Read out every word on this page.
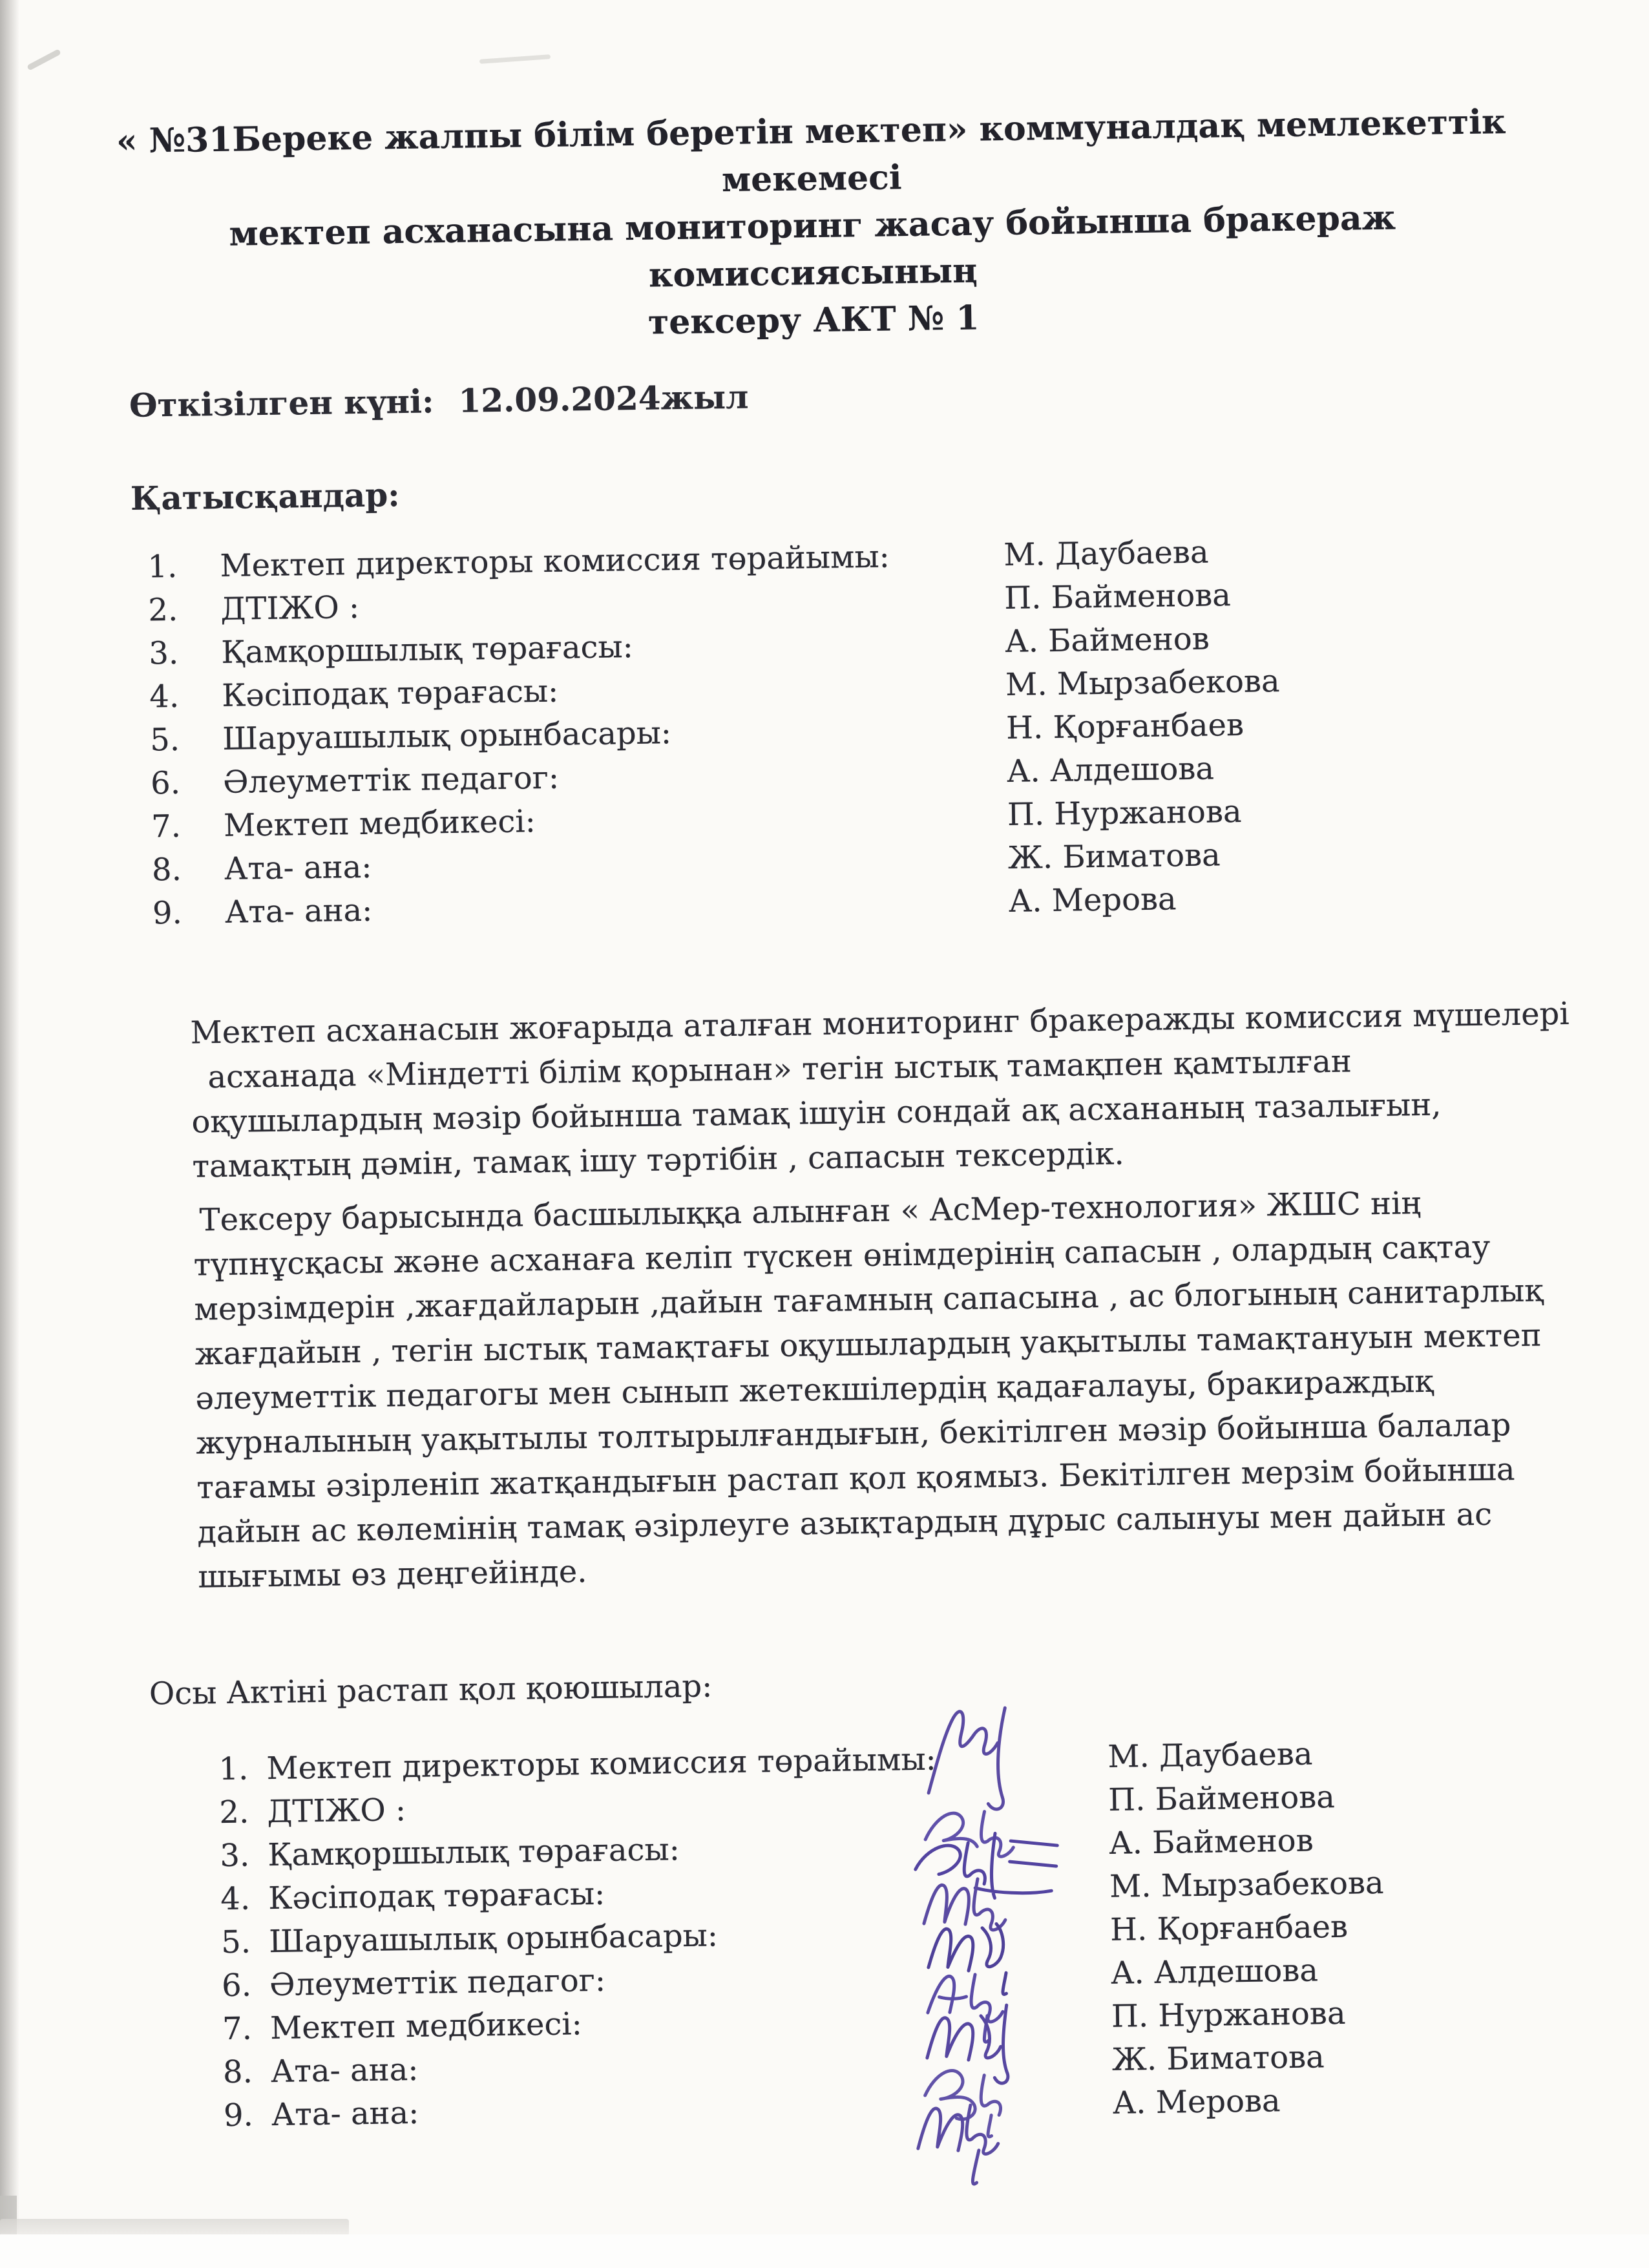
« №31Береке жалпы білім беретін мектеп» коммуналдақ мемлекеттік мекемесі
мектеп асханасына мониторинг жасау бойынша бракераж комиссиясының
тексеру АКТ № 1
Өткізілген күні: 12.09.2024жыл
Қатысқандар:
1. Мектеп директоры комиссия төрайымы:	М. Даубаева
2. ДТІЖО :	П. Байменова
3. Қамқоршылық төрағасы:	А. Байменов
4. Кәсіподақ төрағасы:	М. Мырзабекова
5. Шаруашылық орынбасары:	Н. Қорғанбаев
6. Әлеуметтік педагог:	А. Алдешова
7. Мектеп медбикесі:	П. Нуржанова
8. Ата- ана:	Ж. Биматова
9. Ата- ана:	А. Мерова
Мектеп асханасын жоғарыда аталған мониторинг бракеражды комиссия мүшелері
асханада «Міндетті білім қорынан» тегін ыстық тамақпен қамтылған
оқушылардың мәзір бойынша тамақ ішуін сондай ақ асхананың тазалығын,
тамақтың дәмін, тамақ ішу тәртібін , сапасын тексердік.
Тексеру барысында басшылыққа алынған « АсМер-технология» ЖШС нің
түпнұсқасы және асханаға келіп түскен өнімдерінің сапасын , олардың сақтау
мерзімдерін ,жағдайларын ,дайын тағамның сапасына , ас блогының санитарлық
жағдайын , тегін ыстық тамақтағы оқушылардың уақытылы тамақтануын мектеп
әлеуметтік педагогы мен сынып жетекшілердің қадағалауы, бракираждық
журналының уақытылы толтырылғандығын, бекітілген мәзір бойынша балалар
тағамы әзірленіп жатқандығын растап қол қоямыз. Бекітілген мерзім бойынша
дайын ас көлемінің тамақ әзірлеуге азықтардың дұрыс салынуы мен дайын ас
шығымы өз деңгейінде.
Осы Актіні растап қол қоюшылар:
1. Мектеп директоры комиссия төрайымы:	М. Даубаева
2. ДТІЖО :	П. Байменова
3. Қамқоршылық төрағасы:	А. Байменов
4. Кәсіподақ төрағасы:	М. Мырзабекова
5. Шаруашылық орынбасары:	Н. Қорғанбаев
6. Әлеуметтік педагог:	А. Алдешова
7. Мектеп медбикесі:	П. Нуржанова
8. Ата- ана:	Ж. Биматова
9. Ата- ана:	А. Мерова
